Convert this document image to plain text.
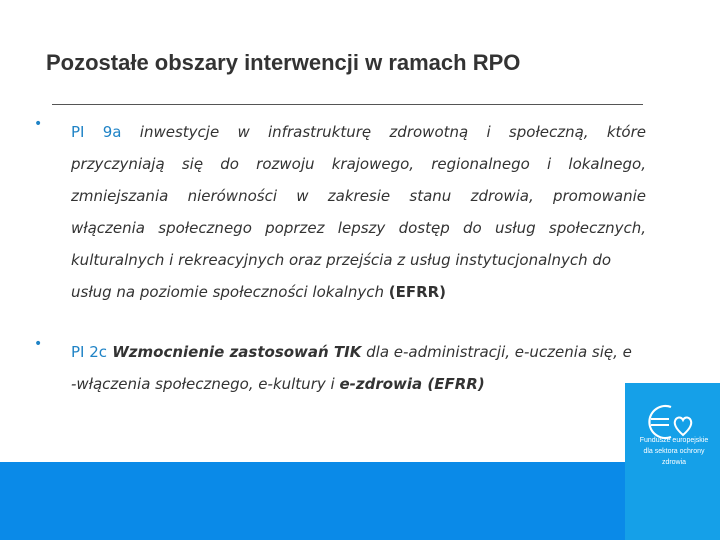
Pozostałe obszary interwencji w ramach RPO
•	PI 9a inwestycje w infrastrukturę zdrowotną i społeczną, które
przyczyniają się do rozwoju krajowego, regionalnego i lokalnego,
zmniejszania nierówności w zakresie stanu zdrowia, promowanie
włączenia społecznego poprzez lepszy dostęp do usług społecznych,
kulturalnych i rekreacyjnych oraz przejścia z usług instytucjonalnych do
usług na poziomie społeczności lokalnych (EFRR)
•	PI 2c Wzmocnienie zastosowań TIK dla e-administracji, e-uczenia się, e
-włączenia społecznego, e-kultury i e-zdrowia (EFRR)
Fundusze europejskie
dla sektora ochrony zdrowia
